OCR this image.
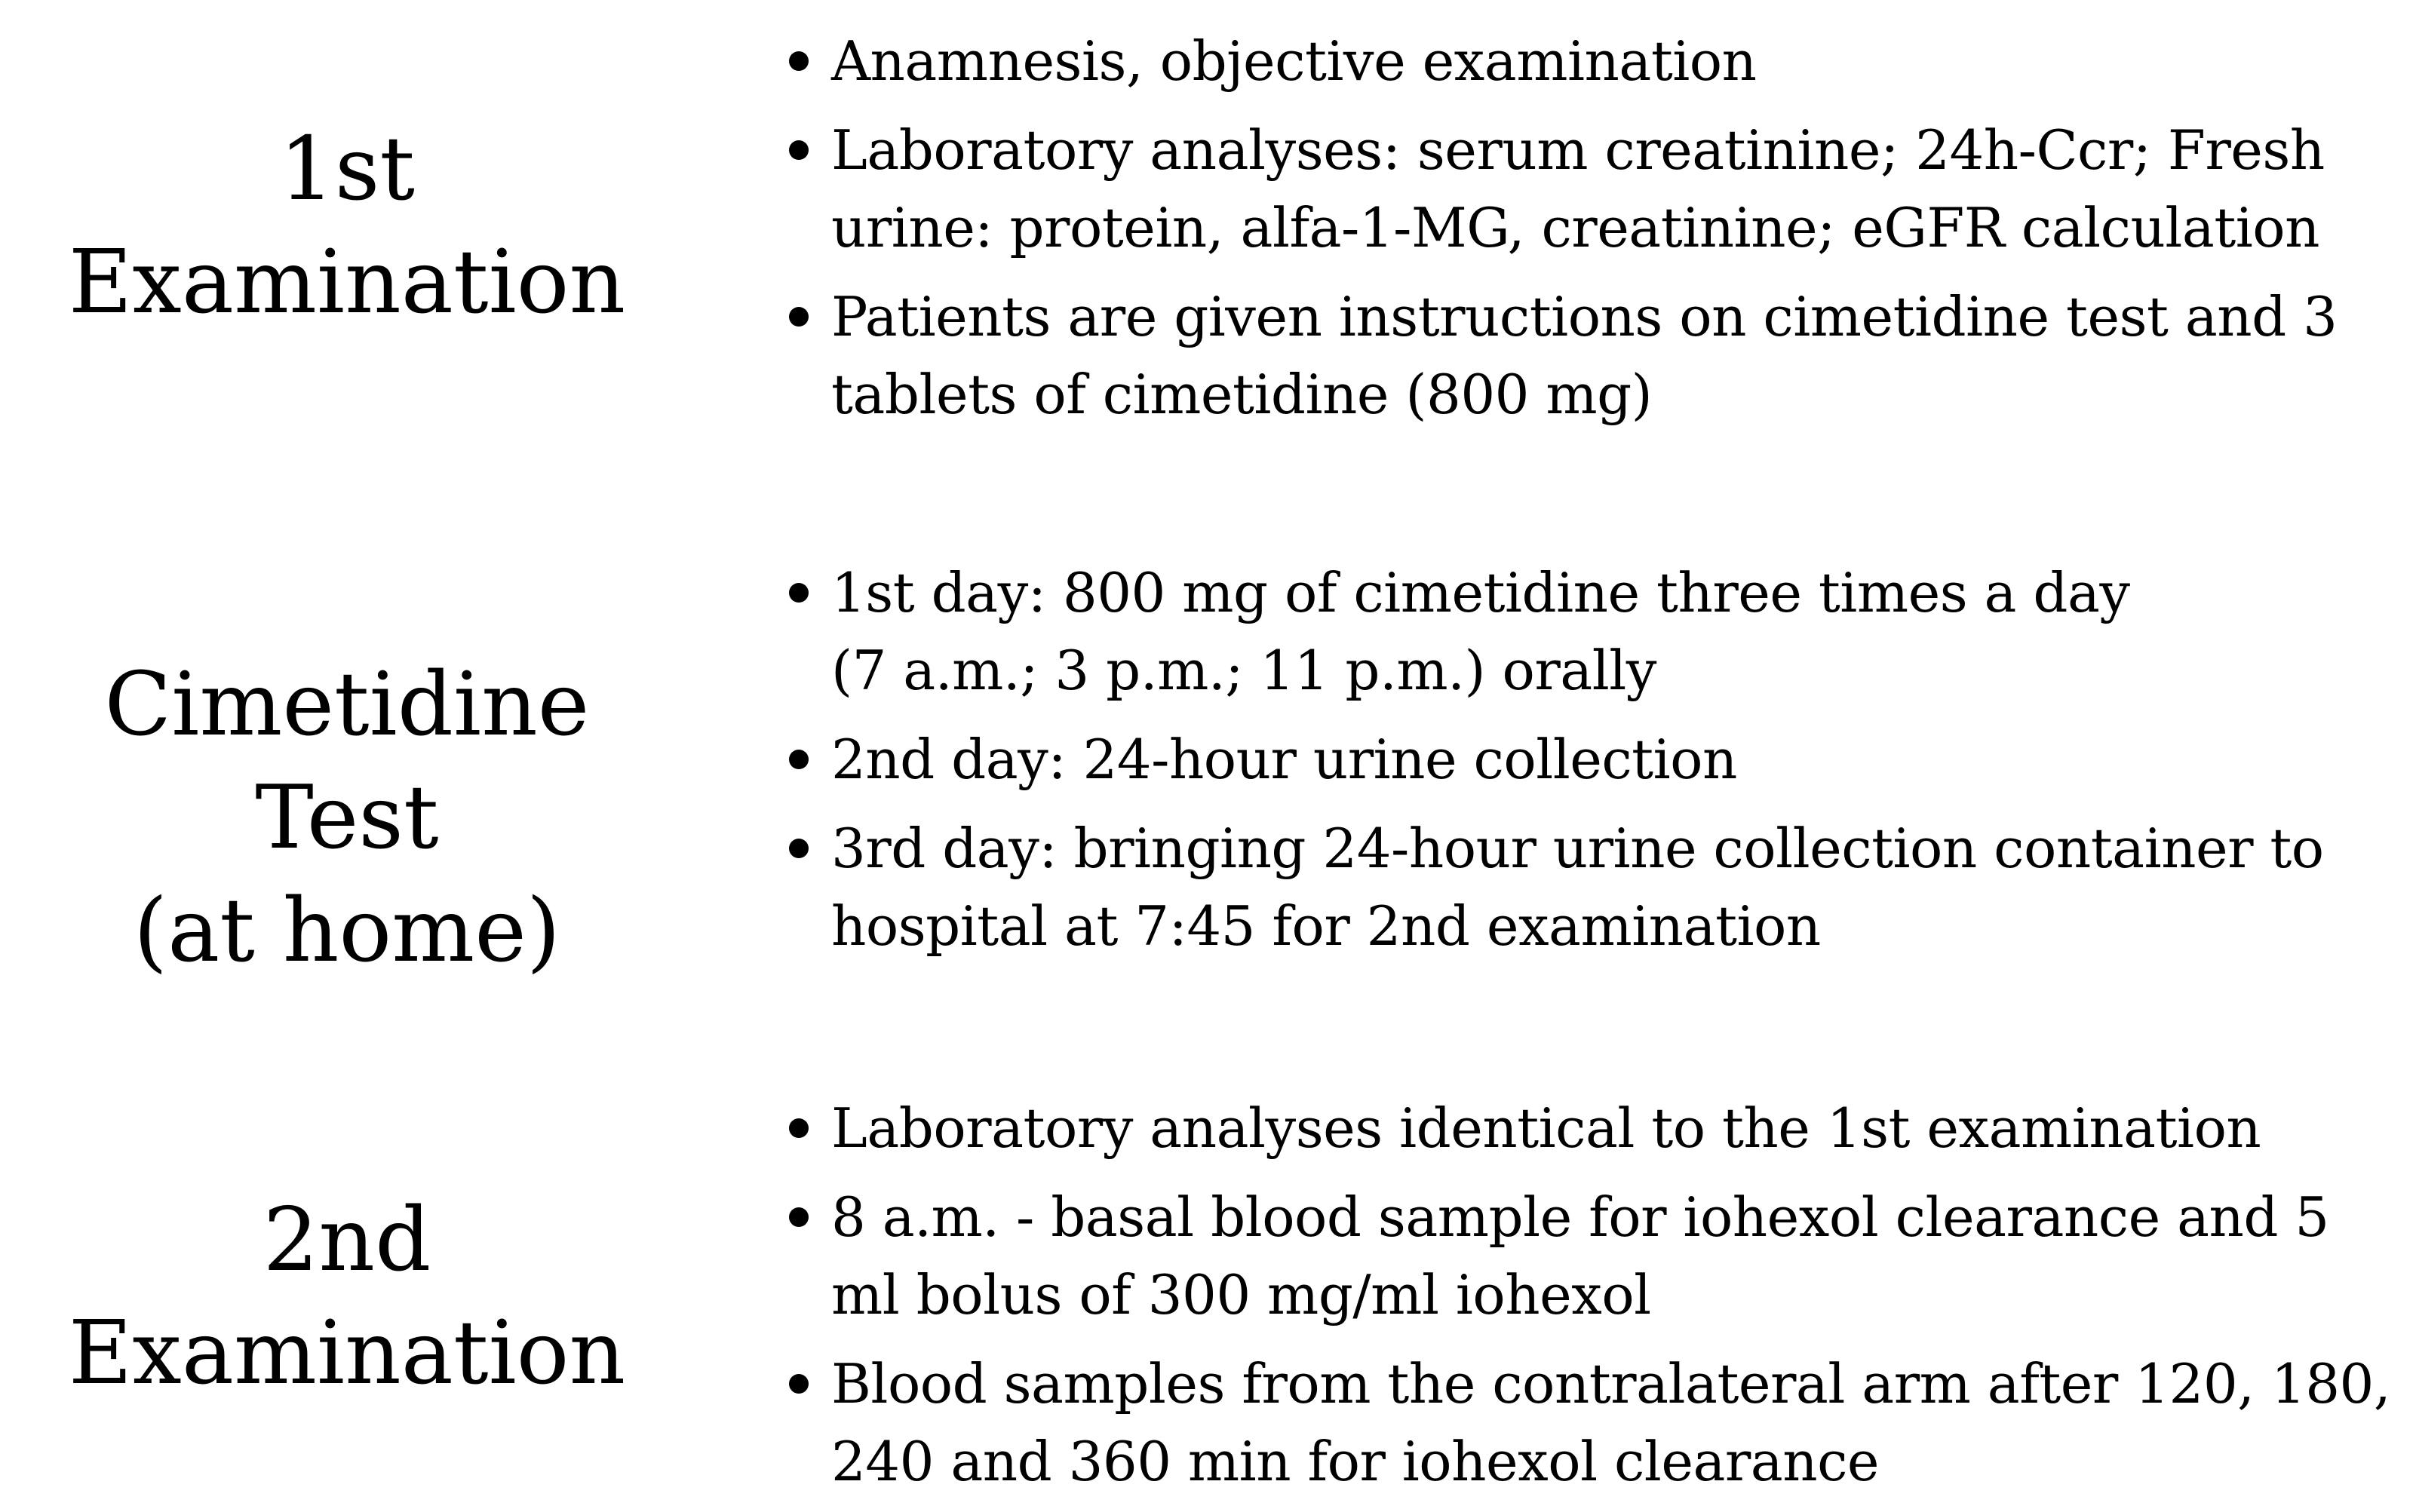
1st
Examination
Anamnesis, objective examination
Laboratory analyses: serum creatinine; 24h-Ccr; Fresh
urine: protein, alfa-1-MG, creatinine; eGFR calculation
Patients are given instructions on cimetidine test and 3
tablets of cimetidine (800 mg)
Cimetidine Test
(at home)
1st day: 800 mg of cimetidine three times a day
(7 a.m.; 3 p.m.; 11 p.m.) orally
2nd day: 24-hour urine collection
3rd day: bringing 24-hour urine collection container to
hospital at 7:45 for 2nd examination
2nd
Examination
Laboratory analyses identical to the 1st examination
8 a.m. - basal blood sample for iohexol clearance and 5
ml bolus of 300 mg/ml iohexol
Blood samples from the contralateral arm after 120, 180,
240 and 360 min for iohexol clearance
